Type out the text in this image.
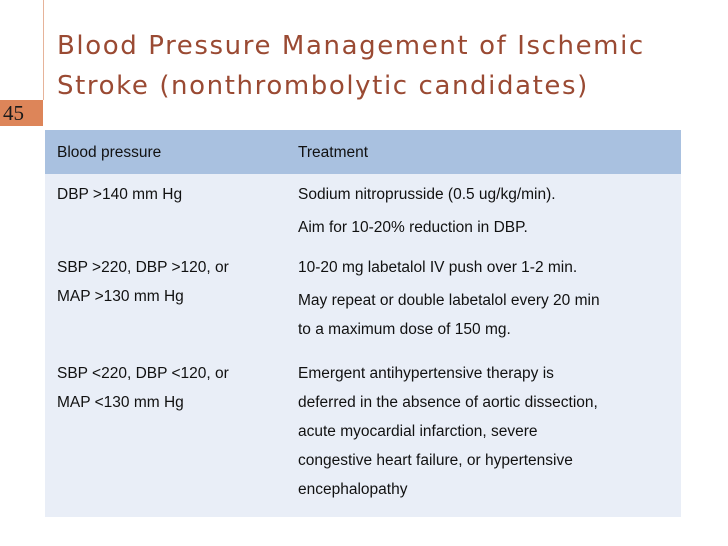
Blood Pressure Management of Ischemic
Stroke (nonthrombolytic candidates)
45
Blood pressure	Treatment

DBP >140 mm Hg	Sodium nitroprusside (0.5 ug/kg/min).
Aim for 10-20% reduction in DBP.

SBP >220, DBP >120, or
MAP >130 mm Hg	10-20 mg labetalol IV push over 1-2 min.
May repeat or double labetalol every 20 min
to a maximum dose of 150 mg.

SBP <220, DBP <120, or
MAP <130 mm Hg	Emergent antihypertensive therapy is
deferred in the absence of aortic dissection,
acute myocardial infarction, severe
congestive heart failure, or hypertensive
encephalopathy
